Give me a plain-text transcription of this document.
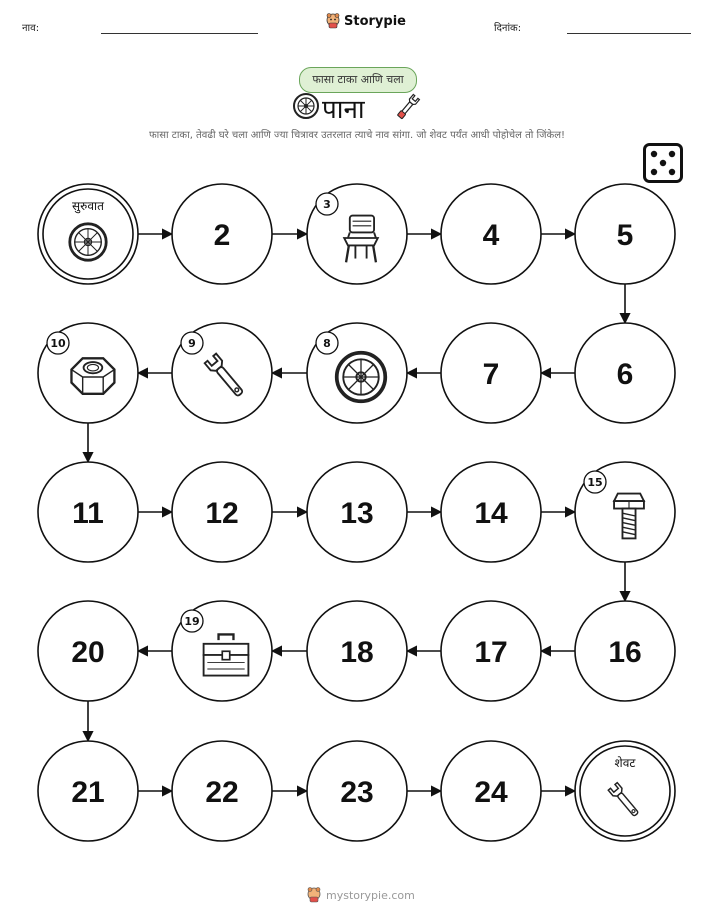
नाव:	Storypie	दिनांक:
फासा टाका आणि चला
पाना
फासा टाका, तेवढी घरे चला आणि ज्या चित्रावर उतरलात त्याचे नाव सांगा. जो शेवट पर्यंत आधी पोहोचेल तो जिंकेल!
सुरुवात
2
3
4	5
6
7
8
9
10
11	12	13	14
15
16
17
18
19
20
21	22	23	24
शेवट
mystorypie.com
